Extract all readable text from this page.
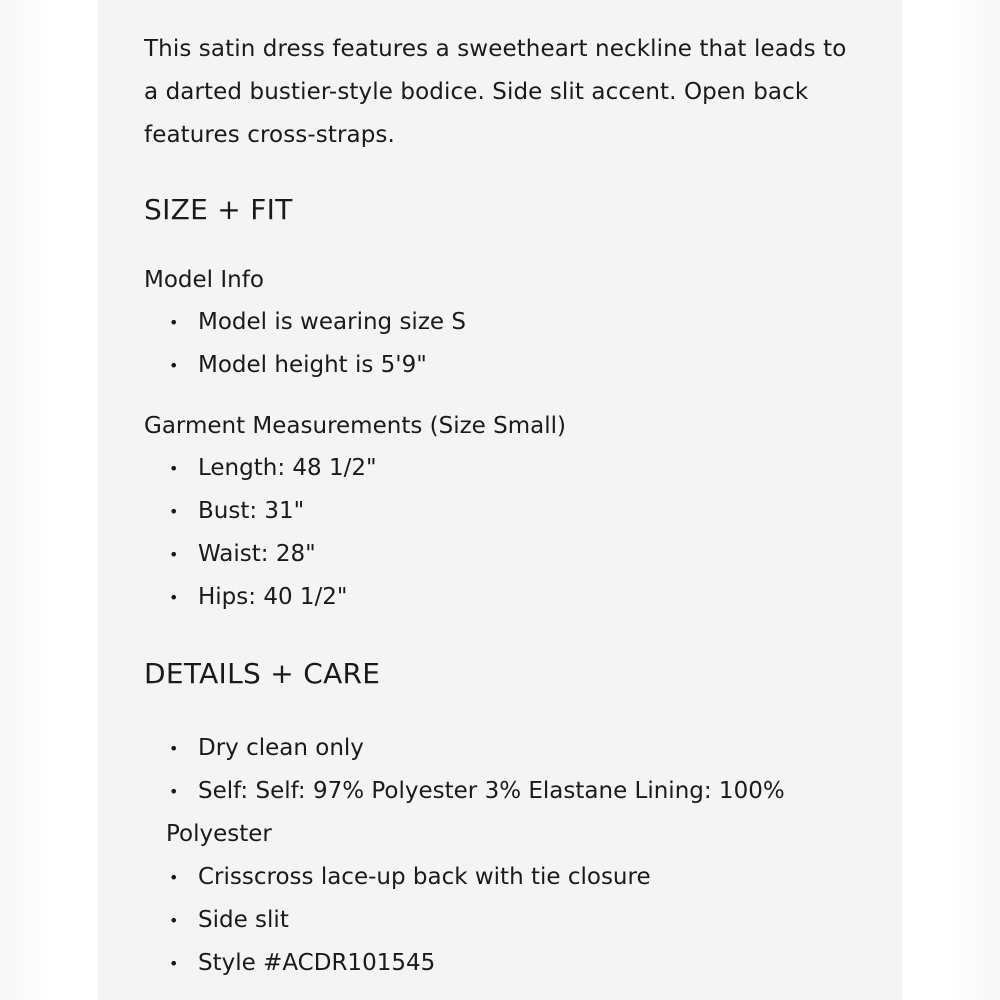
This satin dress features a sweetheart neckline that leads to a darted bustier-style bodice. Side slit accent. Open back features cross-straps.

SIZE + FIT
Model Info
• Model is wearing size S
• Model height is 5'9"
Garment Measurements (Size Small)
• Length: 48 1/2"
• Bust: 31"
• Waist: 28"
• Hips: 40 1/2"
DETAILS + CARE
• Dry clean only
• Self: Self: 97% Polyester 3% Elastane Lining: 100%
Polyester
• Crisscross lace-up back with tie closure
• Side slit
• Style #ACDR101545
